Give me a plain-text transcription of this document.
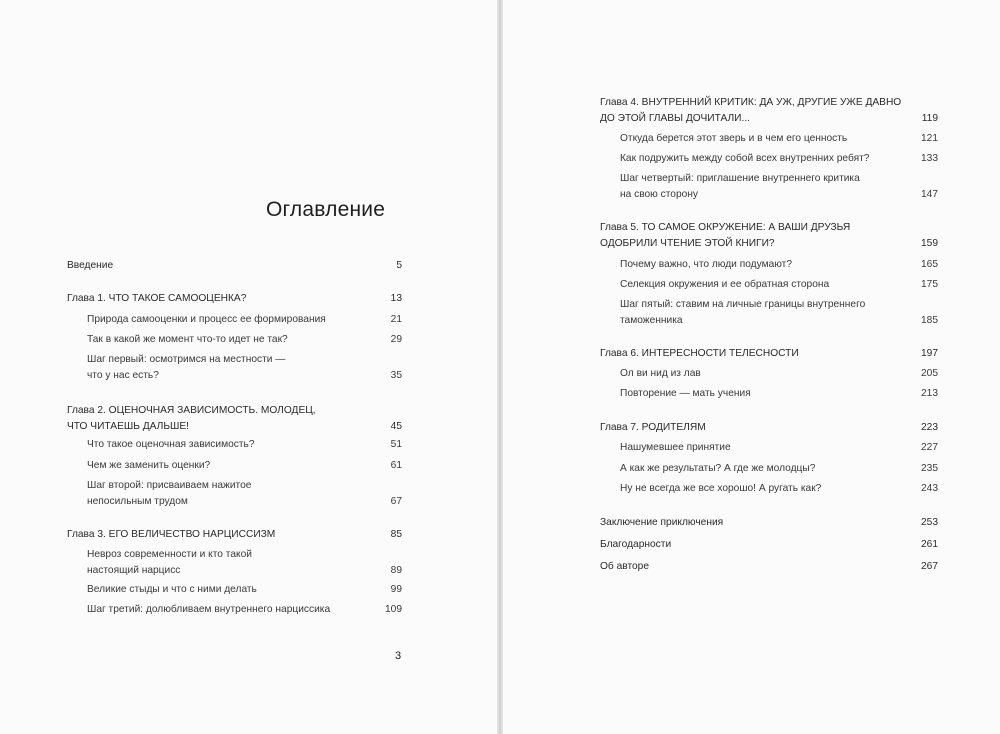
Оглавление
Введение	5
Глава 1. ЧТО ТАКОЕ САМООЦЕНКА?	13
Природа самооценки и процесс ее формирования	21
Так в какой же момент что-то идет не так?	29
Шаг первый: осмотримся на местности —
что у нас есть?	35
Глава 2. ОЦЕНОЧНАЯ ЗАВИСИМОСТЬ. МОЛОДЕЦ,
ЧТО ЧИТАЕШЬ ДАЛЬШЕ!	45
Что такое оценочная зависимость?	51
Чем же заменить оценки?	61
Шаг второй: присваиваем нажитое
непосильным трудом	67
Глава 3. ЕГО ВЕЛИЧЕСТВО НАРЦИССИЗМ	85
Невроз современности и кто такой
настоящий нарцисс	89
Великие стыды и что с ними делать	99
Шаг третий: долюбливаем внутреннего нарциссика	109
3
Глава 4. ВНУТРЕННИЙ КРИТИК: ДА УЖ, ДРУГИЕ УЖЕ ДАВНО
ДО ЭТОЙ ГЛАВЫ ДОЧИТАЛИ...	119
Откуда берется этот зверь и в чем его ценность	121
Как подружить между собой всех внутренних ребят?	133
Шаг четвертый: приглашение внутреннего критика
на свою сторону	147
Глава 5. ТО САМОЕ ОКРУЖЕНИЕ: А ВАШИ ДРУЗЬЯ
ОДОБРИЛИ ЧТЕНИЕ ЭТОЙ КНИГИ?	159
Почему важно, что люди подумают?	165
Селекция окружения и ее обратная сторона	175
Шаг пятый: ставим на личные границы внутреннего
таможенника	185
Глава 6. ИНТЕРЕСНОСТИ ТЕЛЕСНОСТИ	197
Ол ви нид из лав	205
Повторение — мать учения	213
Глава 7. РОДИТЕЛЯМ	223
Нашумевшее принятие	227
А как же результаты? А где же молодцы?	235
Ну не всегда же все хорошо! А ругать как?	243
Заключение приключения	253
Благодарности	261
Об авторе	267
